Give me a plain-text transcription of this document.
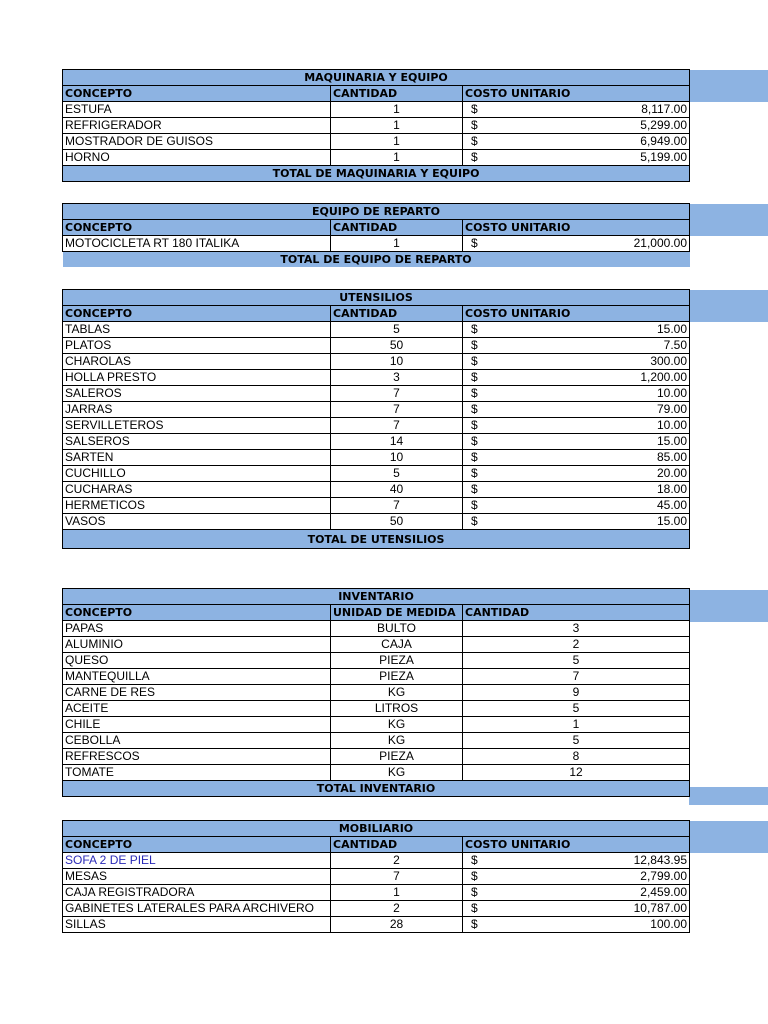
MAQUINARIA Y EQUIPO		
CONCEPTO	CANTIDAD	COSTO UNITARIO
ESTUFA	1	$ 8,117.00

REFRIGERADOR	1	$ 5,299.00

MOSTRADOR DE GUISOS	1	$ 6,949.00

HORNO	1	$ 5,199.00

TOTAL DE MAQUINARIA Y EQUIPO		
EQUIPO DE REPARTO		
CONCEPTO	CANTIDAD	COSTO UNITARIO
MOTOCICLETA RT 180 ITALIKA	1	$ 21,000.00

TOTAL DE EQUIPO DE REPARTO		
UTENSILIOS		
CONCEPTO	CANTIDAD	COSTO UNITARIO
TABLAS	5	$ 15.00

PLATOS	50	$ 7.50

CHAROLAS	10	$ 300.00

HOLLA PRESTO	3	$ 1,200.00

SALEROS	7	$ 10.00

JARRAS	7	$ 79.00

SERVILLETEROS	7	$ 10.00

SALSEROS	14	$ 15.00

SARTEN	10	$ 85.00

CUCHILLO	5	$ 20.00

CUCHARAS	40	$ 18.00

HERMETICOS	7	$ 45.00

VASOS	50	$ 15.00

TOTAL DE UTENSILIOS		
INVENTARIO		
CONCEPTO	UNIDAD DE MEDIDA	CANTIDAD
PAPAS	BULTO	3
ALUMINIO	CAJA	2
QUESO	PIEZA	5
MANTEQUILLA	PIEZA	7
CARNE DE RES	KG	9
ACEITE	LITROS	5
CHILE	KG	1
CEBOLLA	KG	5
REFRESCOS	PIEZA	8
TOMATE	KG	12
TOTAL INVENTARIO		
MOBILIARIO		
CONCEPTO	CANTIDAD	COSTO UNITARIO
SOFA 2 DE PIEL	2	$ 12,843.95

MESAS	7	$ 2,799.00

CAJA REGISTRADORA	1	$ 2,459.00

GABINETES LATERALES PARA ARCHIVERO	2	$ 10,787.00

SILLAS	28	$ 100.00
